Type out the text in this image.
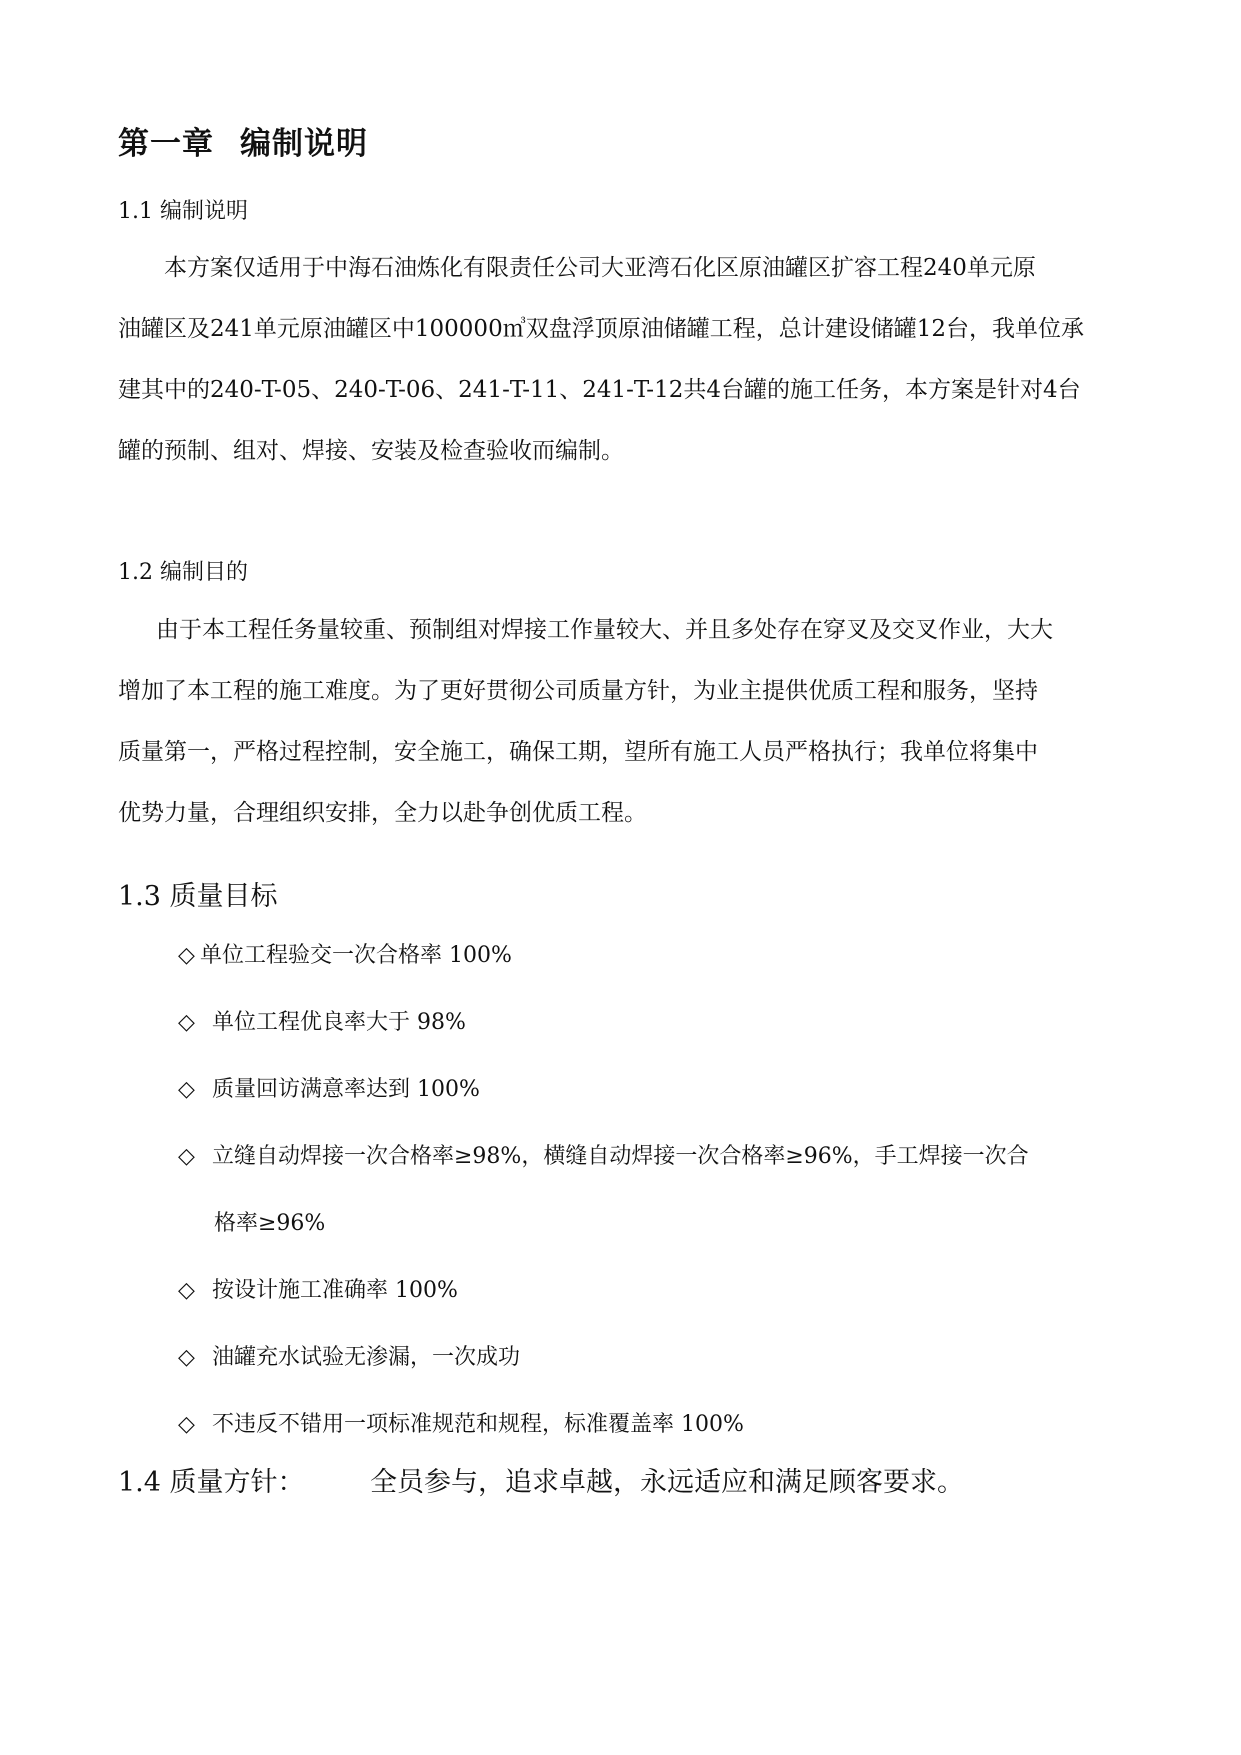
第一章 编制说明
1.1 编制说明
本方案仅适用于中海石油炼化有限责任公司大亚湾石化区原油罐区扩容工程240单元原
油罐区及241单元原油罐区中100000㎥双盘浮顶原油储罐工程，总计建设储罐12台，我单位承
建其中的240-T-05、240-T-06、241-T-11、241-T-12共4台罐的施工任务，本方案是针对4台
罐的预制、组对、焊接、安装及检查验收而编制。
1.2 编制目的
由于本工程任务量较重、预制组对焊接工作量较大、并且多处存在穿叉及交叉作业，大大
增加了本工程的施工难度。为了更好贯彻公司质量方针，为业主提供优质工程和服务，坚持
质量第一，严格过程控制，安全施工，确保工期，望所有施工人员严格执行；我单位将集中
优势力量，合理组织安排，全力以赴争创优质工程。
1.3 质量目标
◇ 单位工程验交一次合格率 100%
◇ 单位工程优良率大于 98%
◇ 质量回访满意率达到 100%
◇ 立缝自动焊接一次合格率≥98%，横缝自动焊接一次合格率≥96%，手工焊接一次合
格率≥96%
◇ 按设计施工准确率 100%
◇ 油罐充水试验无渗漏，一次成功
◇ 不违反不错用一项标准规范和规程，标准覆盖率 100%
1.4 质量方针： 全员参与，追求卓越，永远适应和满足顾客要求。
